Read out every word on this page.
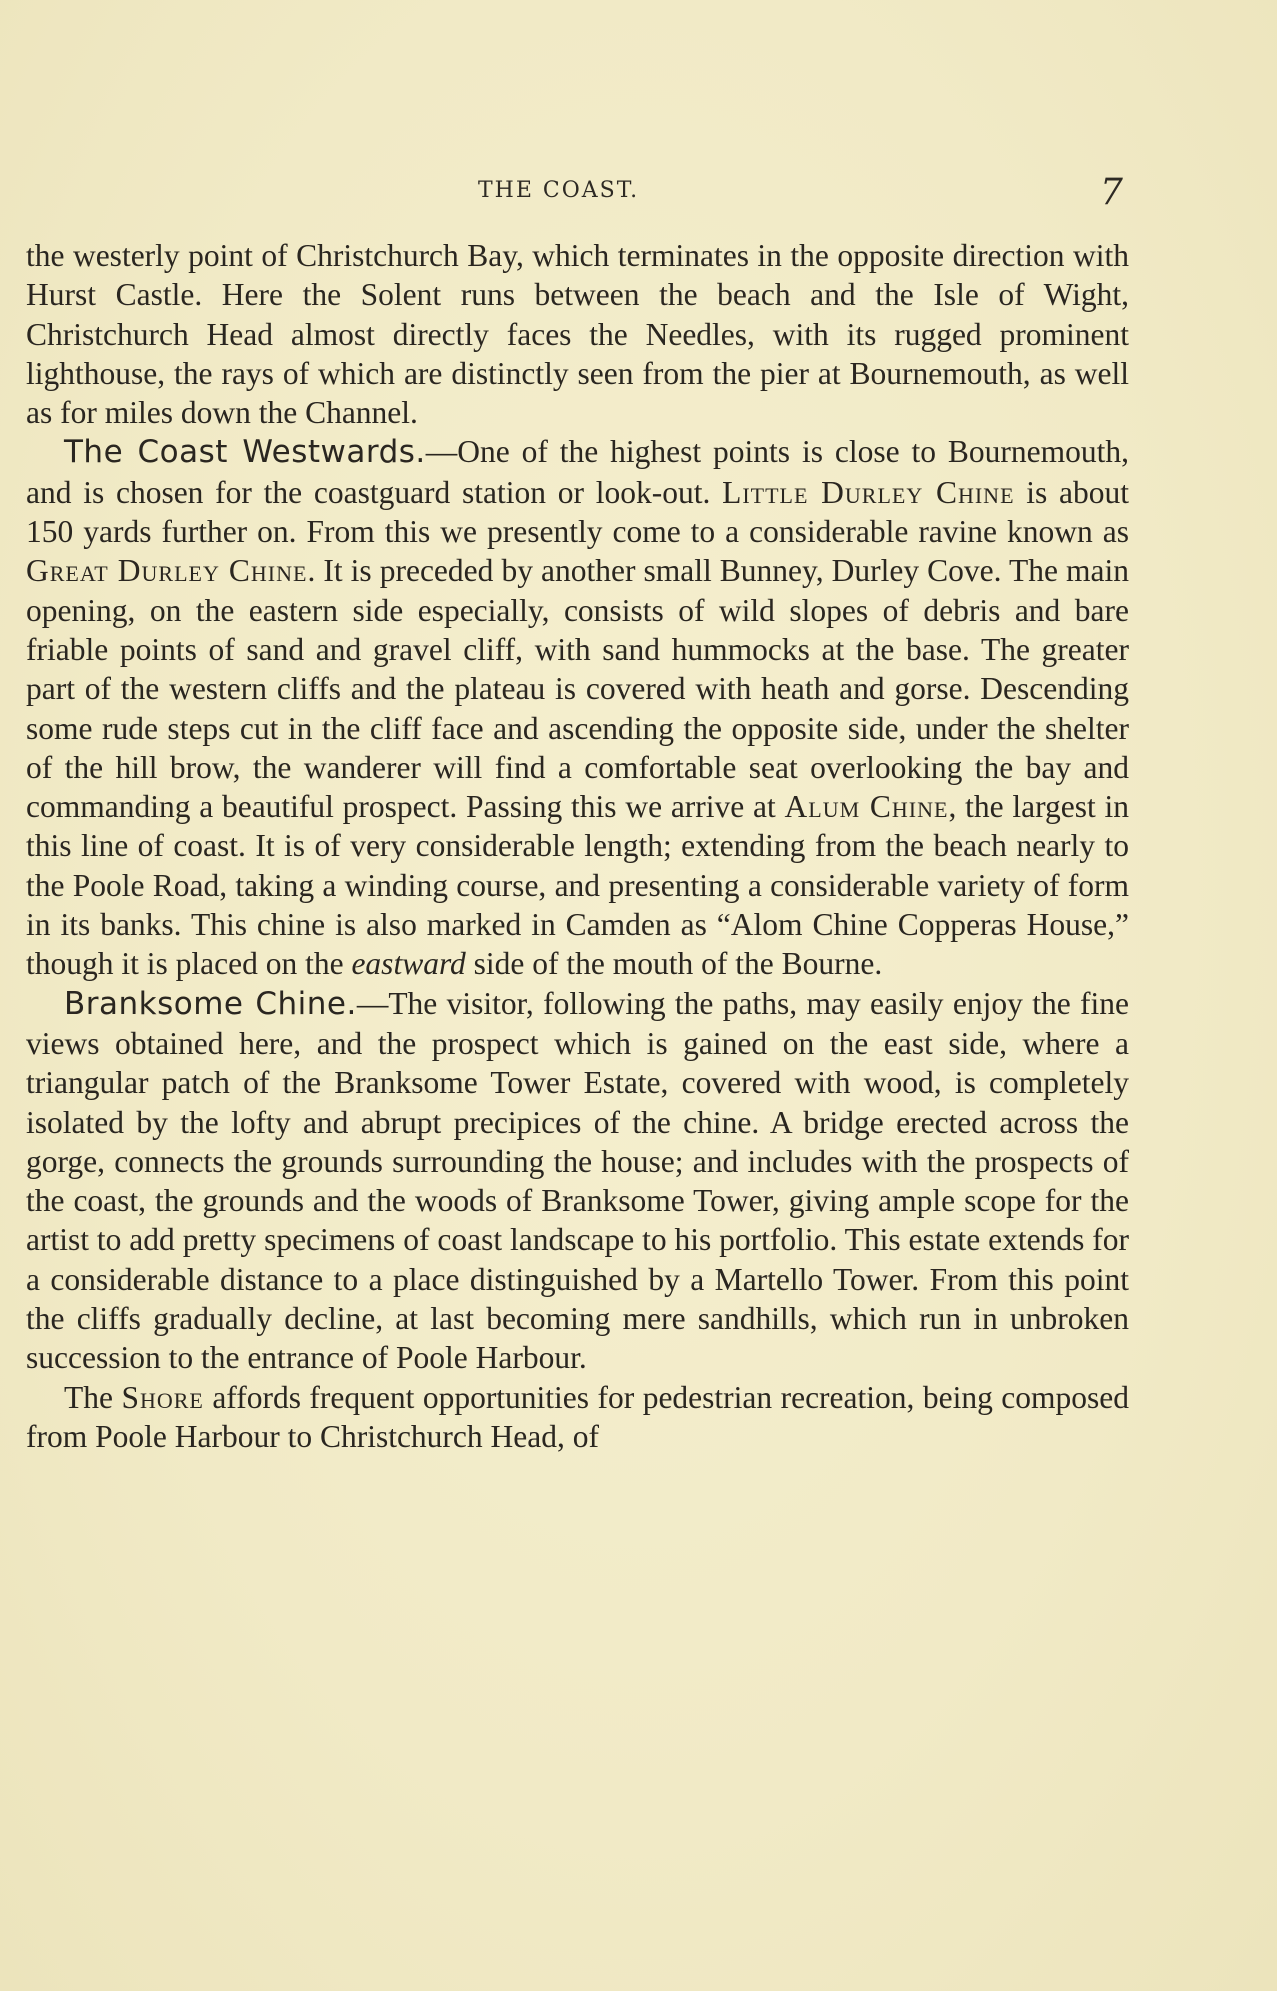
THE COAST.	7

the westerly point of Christchurch Bay, which terminates in the opposite direction with Hurst Castle. Here the Solent runs between the beach and the Isle of Wight, Christchurch Head almost directly faces the Needles, with its rugged prominent lighthouse, the rays of which are distinctly seen from the pier at Bournemouth, as well as for miles down the Channel.

The Coast Westwards.—One of the highest points is close to Bournemouth, and is chosen for the coastguard station or look-out. Little Durley Chine is about 150 yards further on. From this we presently come to a considerable ravine known as Great Durley Chine. It is preceded by another small Bunney, Durley Cove. The main opening, on the eastern side especially, consists of wild slopes of debris and bare friable points of sand and gravel cliff, with sand hummocks at the base. The greater part of the western cliffs and the plateau is covered with heath and gorse. Descending some rude steps cut in the cliff face and ascending the opposite side, under the shelter of the hill brow, the wanderer will find a comfortable seat overlooking the bay and commanding a beautiful prospect. Passing this we arrive at Alum Chine, the largest in this line of coast. It is of very considerable length; extending from the beach nearly to the Poole Road, taking a winding course, and presenting a considerable variety of form in its banks. This chine is also marked in Camden as “Alom Chine Copperas House,” though it is placed on the eastward side of the mouth of the Bourne.

Branksome Chine.—The visitor, following the paths, may easily enjoy the fine views obtained here, and the prospect which is gained on the east side, where a triangular patch of the Branksome Tower Estate, covered with wood, is completely isolated by the lofty and abrupt precipices of the chine. A bridge erected across the gorge, connects the grounds surrounding the house; and includes with the prospects of the coast, the grounds and the woods of Branksome Tower, giving ample scope for the artist to add pretty specimens of coast landscape to his portfolio. This estate extends for a considerable distance to a place distinguished by a Martello Tower. From this point the cliffs gradually decline, at last becoming mere sandhills, which run in unbroken succession to the entrance of Poole Harbour.

The Shore affords frequent opportunities for pedestrian recreation, being composed from Poole Harbour to Christchurch Head, of
